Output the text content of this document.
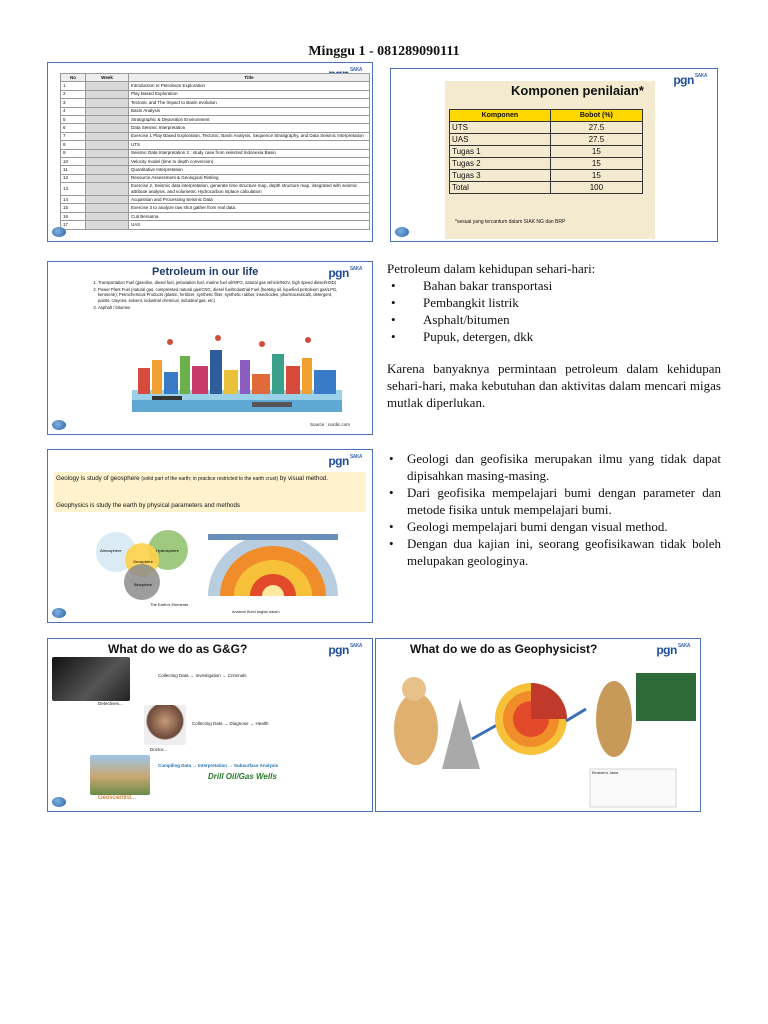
Minggu 1 - 081289090111
SAKA
No	Week	Title
1		Introduction to Petroleum Exploration
2		Play Based Exploration
3		Tectonic and The Impact to Basin evolution
4		Basin Analysis
5		Stratigraphic & Deposition Environment
6		Data Seismic Interpretation
7		Exercise 1 Play Based Exploration, Tectonic, Basin Analysis, Sequence Stratigraphy, and Data Seismic Interpretation
8		UTS
9		Seismic Data Interpretation 2 : study case from selected Indonesia Basin
10		Velocity model (time to depth conversion)
11		Quantitative Interpretation
12		Resource Assessment & Geological Risking
13		Exercise 2, Seismic data interpretation, generate time structure map, depth structure map, integrated with seismic attribute analysis, and volumetric Hydrocarbon inplace calculation
14		Acquisition and Processing Seismic Data
15		Exercise 3 to analyze raw shot gather from real data.
16		Cuti Bersama
17		UAS
pgnSAKA
Komponen penilaian*
Komponen	Bobot (%)
UTS	27.5
UAS	27.5
Tugas 1	15
Tugas 2	15
Tugas 3	15
Total	100
*sesuai yang tercantum dalam SIAK NG dan BRP
pgnSAKA
Petroleum in our life
1. Transportation Fuel (gasoline, diesel fuel, jet/aviation fuel, marine fuel oil/MFO, natural gas vehicle/NGV, high speed diesel/HSD)
2. Power Plant Fuel (natural gas, compressed natural gas/CNG, diesel fuel/Industrial Fuel (heating oil, liquefied petroleum gas/LPG, kerosene); Petrochemical Products (plastic, fertilizer, synthetic fiber, synthetic rubber, insecticides, pharmaceuticals, detergent, paints, crayons, solvent, industrial chemical, industrial gas, etc)
3. Asphalt / bitumen
Source : nordic.com
pgnSAKA
Geology is study of geosphere (solid part of the earth; in practice restricted to the earth crust) by visual method.
Geophysics is study the earth by physical parameters and methods
Atmosphere	Hydrosphere
Geosphere
Biosphere
The Earth's Elements
Anatomi Bumi bagian dalam
pgnSAKA
What do we do as G&G?
Detectives...
Collecting Data → Investigation → Criminals
Doctor...
Collecting Data → Diagnose → Health
Compiling Data → Interpretation → Subsurface Analysis
Drill Oil/Gas Wells
Geoscientist...
pgnSAKA
What do we do as Geophysicist?
Einstein's Jawa
Petroleum dalam kehidupan sehari-hari:
• Bahan bakar transportasi
• Pembangkit listrik
• Asphalt/bitumen
• Pupuk, detergen, dkk
Karena banyaknya permintaan petroleum dalam kehidupan sehari-hari, maka kebutuhan dan aktivitas dalam mencari migas mutlak diperlukan.
• Geologi dan geofisika merupakan ilmu yang tidak dapat dipisahkan masing-masing.
• Dari geofisika mempelajari bumi dengan parameter dan metode fisika untuk mempelajari bumi.
• Geologi mempelajari bumi dengan visual method.
• Dengan dua kajian ini, seorang geofisikawan tidak boleh melupakan geologinya.
